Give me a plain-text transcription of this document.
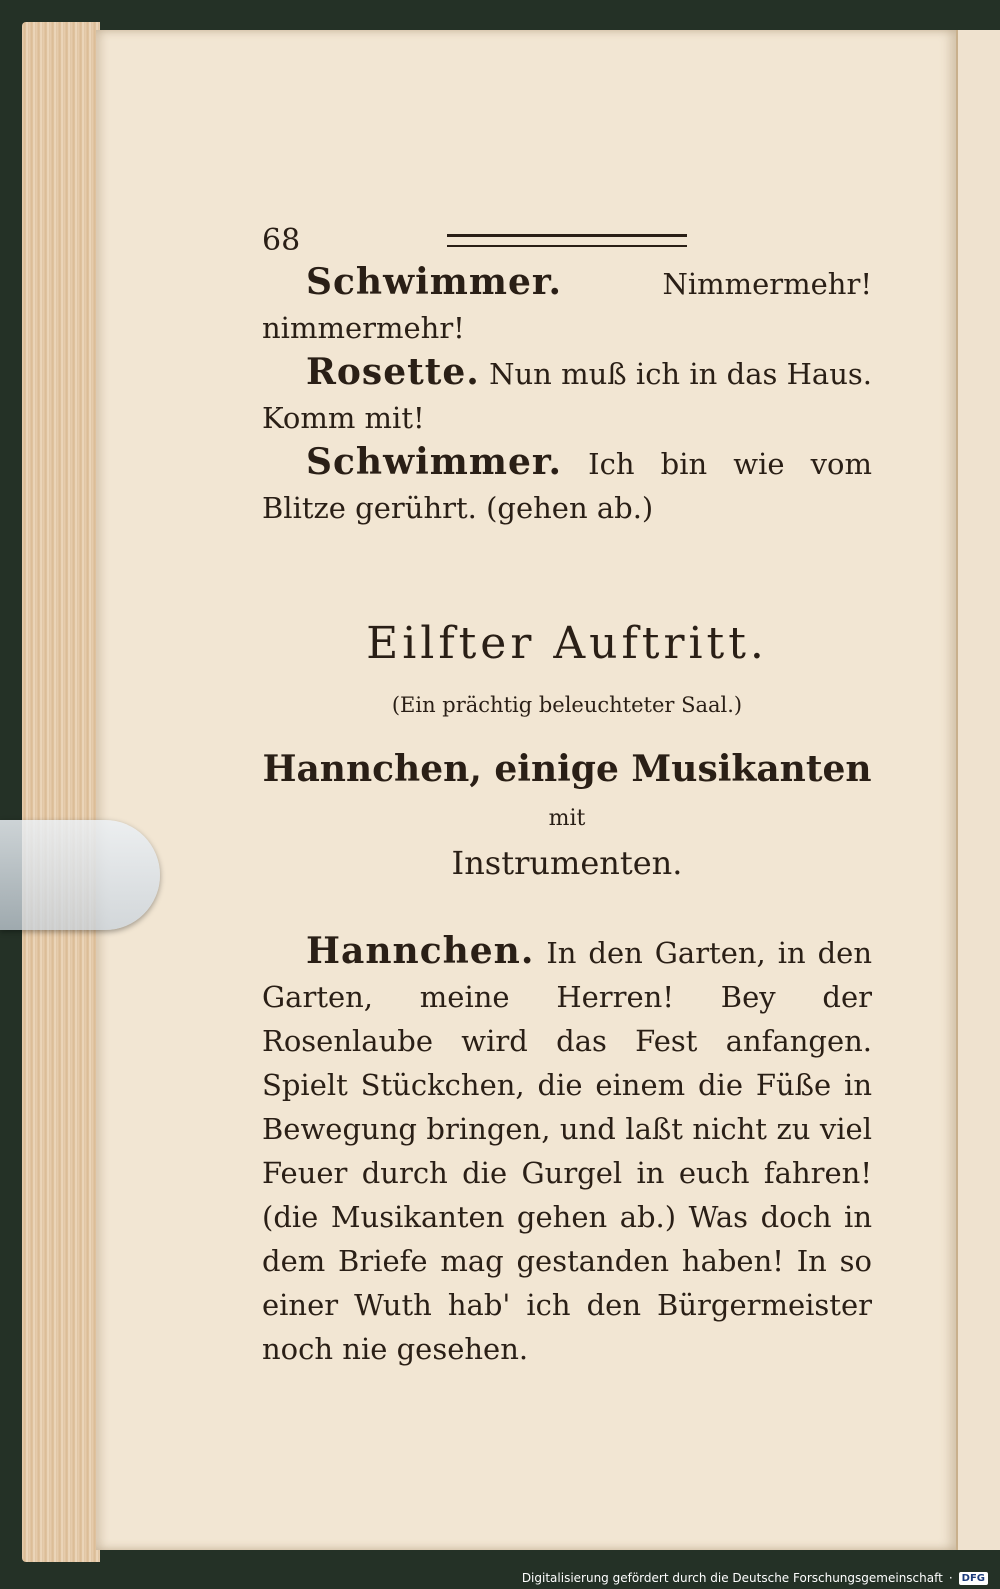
68

Schwimmer. Nimmermehr! nimmermehr!

Rosette. Nun muß ich in das Haus. Komm mit!

Schwimmer. Ich bin wie vom Blitze gerührt. (gehen ab.)

Eilfter Auftritt.
(Ein prächtig beleuchteter Saal.)
Hannchen, einige Musikanten mit
Instrumenten.

Hannchen. In den Garten, in den Garten, meine Herren! Bey der Rosenlaube wird das Fest anfangen. Spielt Stückchen, die einem die Füße in Bewegung bringen, und laßt nicht zu viel Feuer durch die Gurgel in euch fahren! (die Musikanten gehen ab.) Was doch in dem Briefe mag gestanden haben! In so einer Wuth hab' ich den Bürgermeister noch nie gesehen.

Digitalisierung gefördert durch die Deutsche Forschungsgemeinschaft · DFG
